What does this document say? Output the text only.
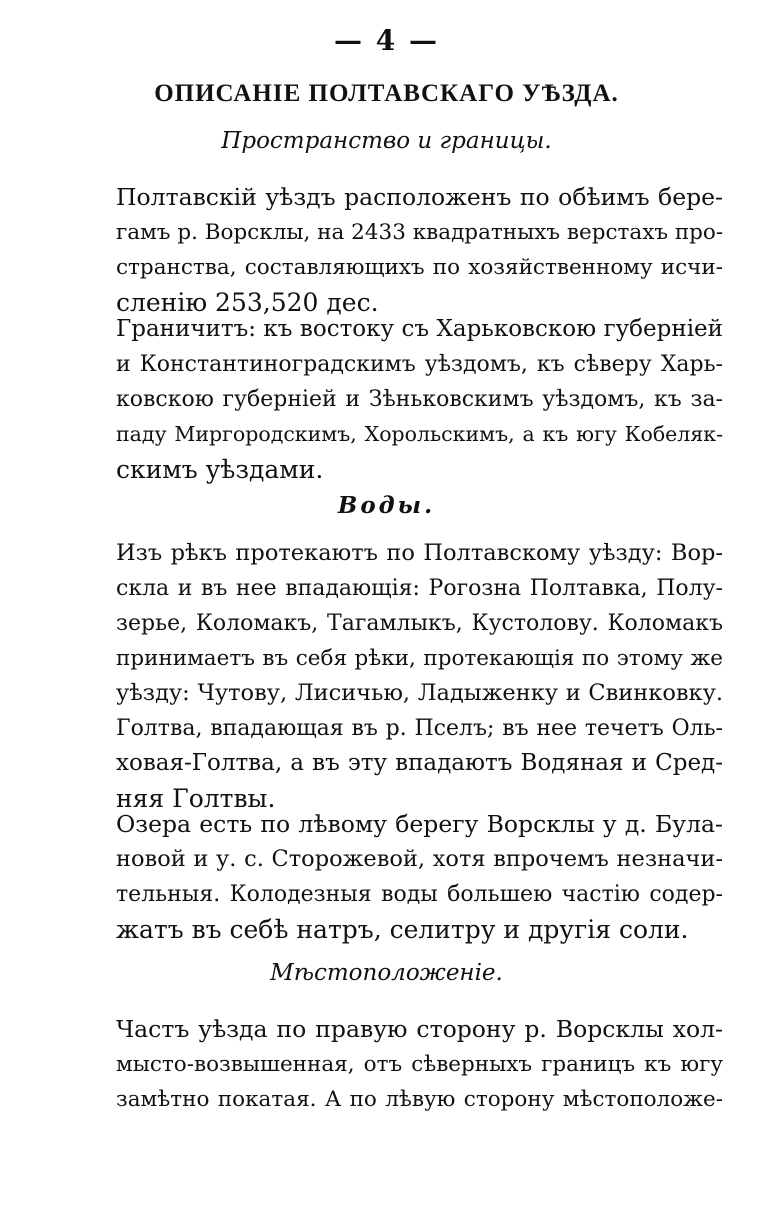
— 4 —
ОПИСАНІЕ ПОЛТАВСКАГО УѢЗДА.
Пространство и границы.
Полтавскій уѣздъ расположенъ по обѣимъ бере-
гамъ р. Ворсклы, на 2433 квадратныхъ верстахъ про-
странства, составляющихъ по хозяйственному исчи-
сленію 253,520 дес.
Граничитъ: къ востоку съ Харьковскою губерніей
и Константиноградскимъ уѣздомъ, къ сѣверу Харь-
ковскою губерніей и Зѣньковскимъ уѣздомъ, къ за-
паду Миргородскимъ, Хорольскимъ, а къ югу Кобеляк-
скимъ уѣздами.
Воды.
Изъ рѣкъ протекаютъ по Полтавскому уѣзду: Вор-
скла и въ нее впадающія: Рогозна Полтавка, Полу-
зерье, Коломакъ, Тагамлыкъ, Кустолову. Коломакъ
принимаетъ въ себя рѣки, протекающія по этому же
уѣзду: Чутову, Лисичью, Ладыженку и Свинковку.
Голтва, впадающая въ р. Пселъ; въ нее течетъ Оль-
ховая-Голтва, а въ эту впадаютъ Водяная и Сред-
няя Голтвы.
Озера есть по лѣвому берегу Ворсклы у д. Була-
новой и у. с. Сторожевой, хотя впрочемъ незначи-
тельныя. Колодезныя воды большею частію содер-
жатъ въ себѣ натръ, селитру и другія соли.
Мѣстоположеніе.
Частъ уѣзда по правую сторону р. Ворсклы хол-
мысто-возвышенная, отъ сѣверныхъ границъ къ югу
замѣтно покатая. А по лѣвую сторону мѣстоположе-
